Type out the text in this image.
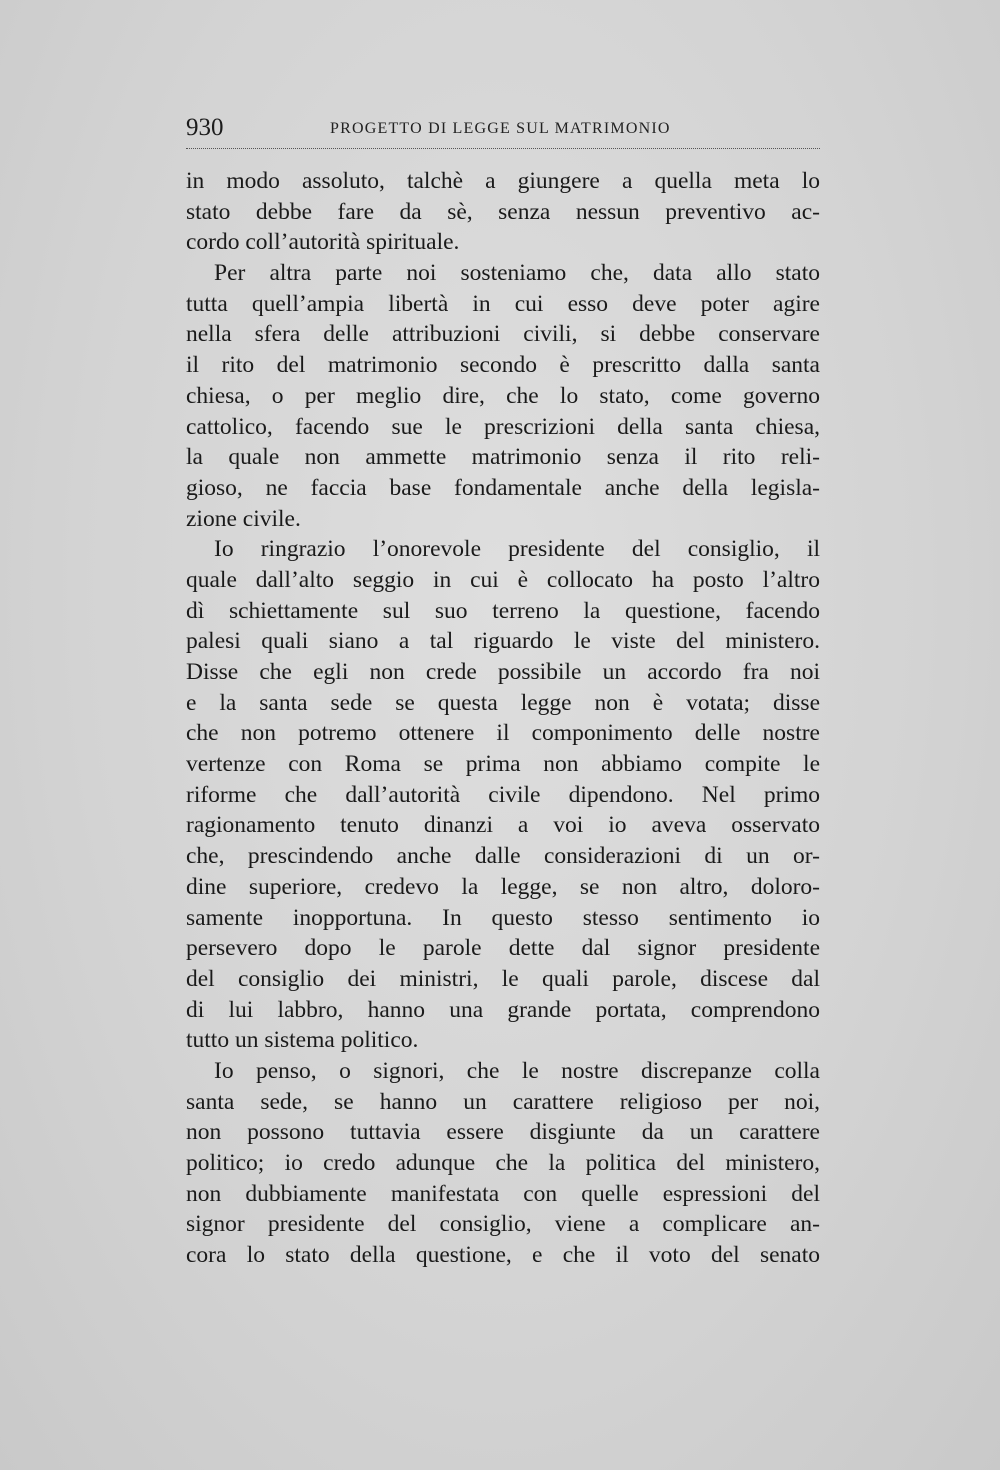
930	PROGETTO DI LEGGE SUL MATRIMONIO
in modo assoluto, talchè a giungere a quella meta lo
stato debbe fare da sè, senza nessun preventivo ac-
cordo coll’autorità spirituale.
Per altra parte noi sosteniamo che, data allo stato
tutta quell’ampia libertà in cui esso deve poter agire
nella sfera delle attribuzioni civili, si debbe conservare
il rito del matrimonio secondo è prescritto dalla santa
chiesa, o per meglio dire, che lo stato, come governo
cattolico, facendo sue le prescrizioni della santa chiesa,
la quale non ammette matrimonio senza il rito reli-
gioso, ne faccia base fondamentale anche della legisla-
zione civile.
Io ringrazio l’onorevole presidente del consiglio, il
quale dall’alto seggio in cui è collocato ha posto l’altro
dì schiettamente sul suo terreno la questione, facendo
palesi quali siano a tal riguardo le viste del ministero.
Disse che egli non crede possibile un accordo fra noi
e la santa sede se questa legge non è votata; disse
che non potremo ottenere il componimento delle nostre
vertenze con Roma se prima non abbiamo compite le
riforme che dall’autorità civile dipendono. Nel primo
ragionamento tenuto dinanzi a voi io aveva osservato
che, prescindendo anche dalle considerazioni di un or-
dine superiore, credevo la legge, se non altro, doloro-
samente inopportuna. In questo stesso sentimento io
persevero dopo le parole dette dal signor presidente
del consiglio dei ministri, le quali parole, discese dal
di lui labbro, hanno una grande portata, comprendono
tutto un sistema politico.
Io penso, o signori, che le nostre discrepanze colla
santa sede, se hanno un carattere religioso per noi,
non possono tuttavia essere disgiunte da un carattere
politico; io credo adunque che la politica del ministero,
non dubbiamente manifestata con quelle espressioni del
signor presidente del consiglio, viene a complicare an-
cora lo stato della questione, e che il voto del senato
